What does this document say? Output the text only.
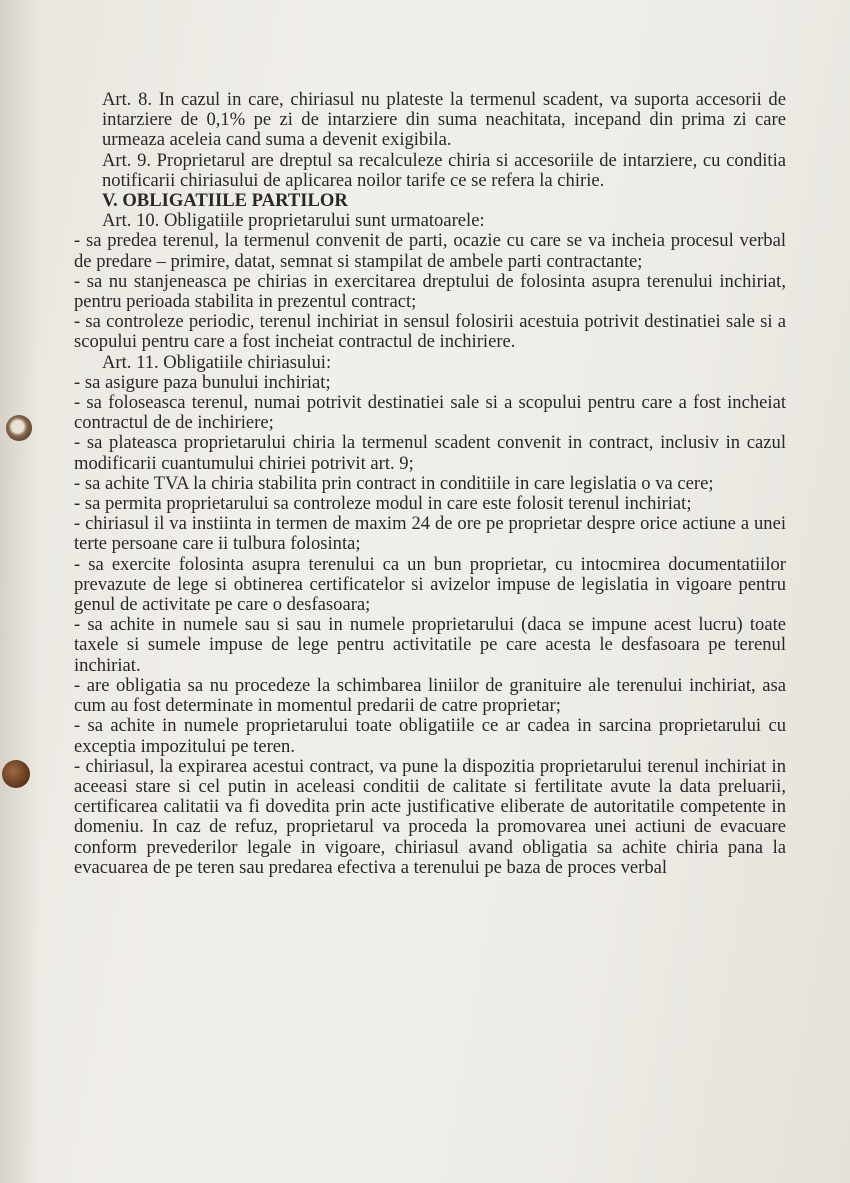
Art. 8. In cazul in care, chiriasul nu plateste la termenul scadent, va suporta accesorii de intarziere de 0,1% pe zi de intarziere din suma neachitata, incepand din prima zi care urmeaza aceleia cand suma a devenit exigibila.

Art. 9. Proprietarul are dreptul sa recalculeze chiria si accesoriile de intarziere, cu conditia notificarii chiriasului de aplicarea noilor tarife ce se refera la chirie.

V. OBLIGATIILE PARTILOR

Art. 10. Obligatiile proprietarului sunt urmatoarele:

- sa predea terenul, la termenul convenit de parti, ocazie cu care se va incheia procesul verbal de predare – primire, datat, semnat si stampilat de ambele parti contractante;

- sa nu stanjeneasca pe chirias in exercitarea dreptului de folosinta asupra terenului inchiriat, pentru perioada stabilita in prezentul contract;

- sa controleze periodic, terenul inchiriat in sensul folosirii acestuia potrivit destinatiei sale si a scopului pentru care a fost incheiat contractul de inchiriere.

Art. 11. Obligatiile chiriasului:

- sa asigure paza bunului inchiriat;

- sa foloseasca terenul, numai potrivit destinatiei sale si a scopului pentru care a fost incheiat contractul de de inchiriere;

- sa plateasca proprietarului chiria la termenul scadent convenit in contract, inclusiv in cazul modificarii cuantumului chiriei potrivit art. 9;

- sa achite TVA la chiria stabilita prin contract in conditiile in care legislatia o va cere;

- sa permita proprietarului sa controleze modul in care este folosit terenul inchiriat;

- chiriasul il va instiinta in termen de maxim 24 de ore pe proprietar despre orice actiune a unei terte persoane care ii tulbura folosinta;

- sa exercite folosinta asupra terenului ca un bun proprietar, cu intocmirea documentatiilor prevazute de lege si obtinerea certificatelor si avizelor impuse de legislatia in vigoare pentru genul de activitate pe care o desfasoara;

- sa achite in numele sau si sau in numele proprietarului (daca se impune acest lucru) toate taxele si sumele impuse de lege pentru activitatile pe care acesta le desfasoara pe terenul inchiriat.

- are obligatia sa nu procedeze la schimbarea liniilor de granituire ale terenului inchiriat, asa cum au fost determinate in momentul predarii de catre proprietar;

- sa achite in numele proprietarului toate obligatiile ce ar cadea in sarcina proprietarului cu exceptia impozitului pe teren.

- chiriasul, la expirarea acestui contract, va pune la dispozitia proprietarului terenul inchiriat in aceeasi stare si cel putin in aceleasi conditii de calitate si fertilitate avute la data preluarii, certificarea calitatii va fi dovedita prin acte justificative eliberate de autoritatile competente in domeniu. In caz de refuz, proprietarul va proceda la promovarea unei actiuni de evacuare conform prevederilor legale in vigoare, chiriasul avand obligatia sa achite chiria pana la evacuarea de pe teren sau predarea efectiva a terenului pe baza de proces verbal
